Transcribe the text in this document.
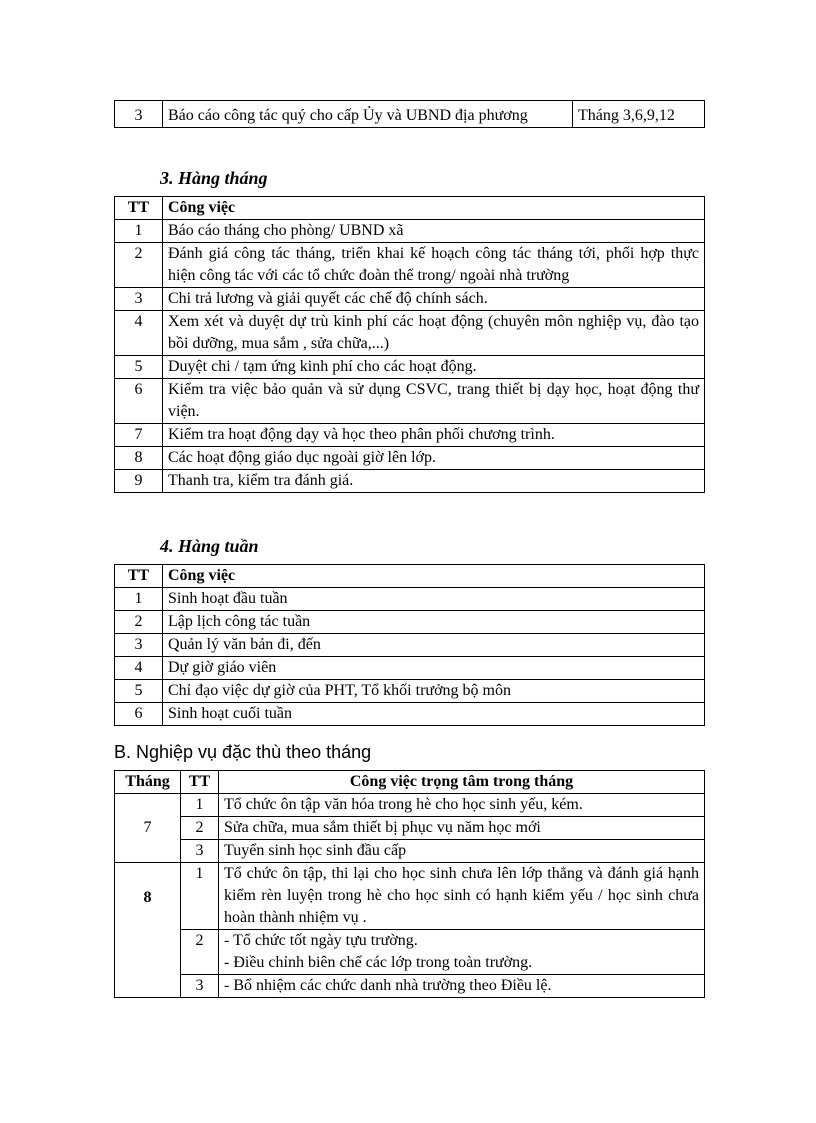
3	Báo cáo công tác quý cho cấp Ủy và UBND địa phương	Tháng 3,6,9,12
3. Hàng tháng
TT	Công việc
1	Báo cáo tháng cho phòng/ UBND xã
2	Đánh giá công tác tháng, triển khai kế hoạch công tác tháng tới, phối hợp thực hiện công tác với các tổ chức đoàn thể trong/ ngoài nhà trường
3	Chi trả lương và giải quyết các chế độ chính sách.
4	Xem xét và duyệt dự trù kinh phí các hoạt động (chuyên môn nghiệp vụ, đào tạo bồi dưỡng, mua sắm , sửa chữa,...)
5	Duyệt chi / tạm ứng kinh phí cho các hoạt động.
6	Kiểm tra việc bảo quản và sử dụng CSVC, trang thiết bị dạy học, hoạt động thư viện.
7	Kiểm tra hoạt động dạy và học theo phân phối chương trình.
8	Các hoạt động giáo dục ngoài giờ lên lớp.
9	Thanh tra, kiểm tra đánh giá.
4. Hàng tuần
TT	Công việc
1	Sinh hoạt đầu tuần
2	Lập lịch công tác tuần
3	Quản lý văn bản đi, đến
4	Dự giờ giáo viên
5	Chỉ đạo việc dự giờ của PHT, Tổ khối trưởng bộ môn
6	Sinh hoạt cuối tuần
B. Nghiệp vụ đặc thù theo tháng
Tháng	TT	Công việc trọng tâm trong tháng
7	1	Tổ chức ôn tập văn hóa trong hè cho học sinh yếu, kém.
	2	Sửa chữa, mua sắm thiết bị phục vụ năm học mới
	3	Tuyển sinh học sinh đầu cấp
8	1	Tổ chức ôn tập, thi lại cho học sinh chưa lên lớp thẳng và đánh giá hạnh kiểm rèn luyện trong hè cho học sinh có hạnh kiểm yếu / học sinh chưa hoàn thành nhiệm vụ .
	2	- Tổ chức tốt ngày tựu trường.
- Điều chỉnh biên chế các lớp trong toàn trường.

	3	- Bổ nhiệm các chức danh nhà trường theo Điều lệ.
